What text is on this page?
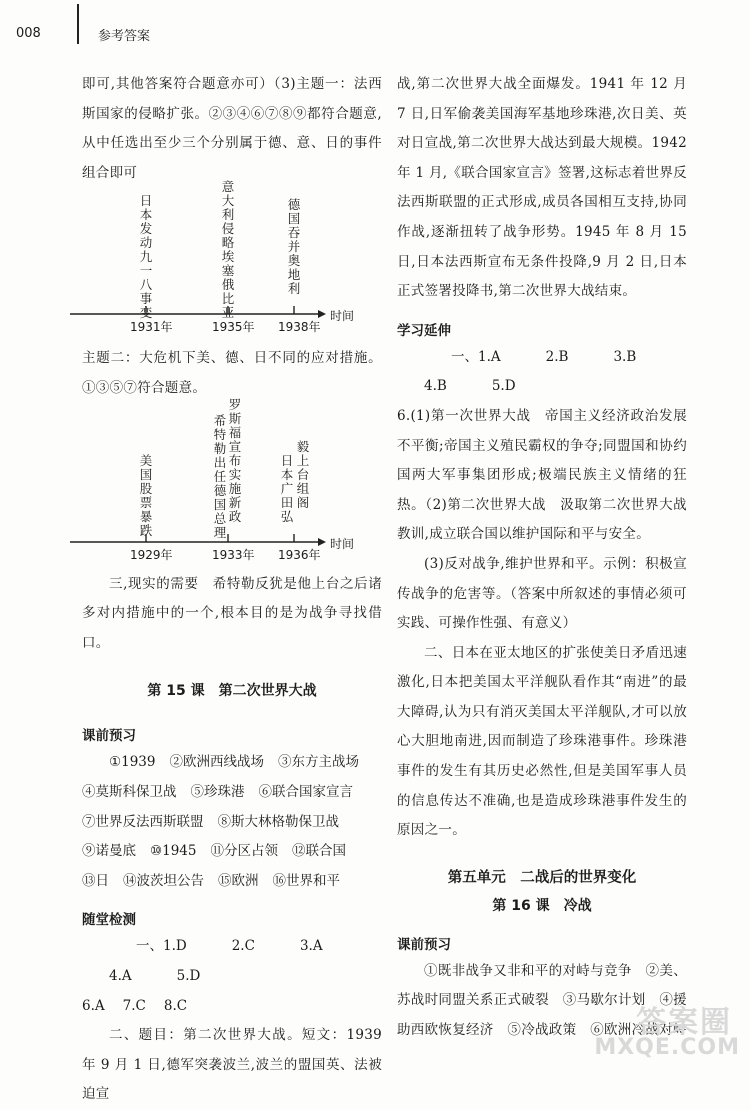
008	参考答案

即可,其他答案符合题意亦可）（3)主题一：法西斯国家的侵略扩张。②③④⑥⑦⑧⑨都符合题意,从中任选出至少三个分别属于德、意、日的事件组合即可

日本发动九一八事变
意大利侵略埃塞俄比亚
德国吞并奥地利
1931年	1935年 1938年
时间

主题二：大危机下美、德、日不同的应对措施。①③⑤⑦符合题意。

美国股票暴跌
希特勒出任德国总理
罗斯福宣布实施新政
日本广田弘
毅上台组阁
1929年	1933年 1936年
时间

三,现实的需要　希特勒反犹是他上台之后诸多对内措施中的一个,根本目的是为战争寻找借口。

第 15 课　第二次世界大战
课前预习
①1939 ②欧洲西线战场 ③东方主战场
④莫斯科保卫战 ⑤珍珠港 ⑥联合国家宣言
⑦世界反法西斯联盟 ⑧斯大林格勒保卫战
⑨诺曼底 ⑩1945 ⑪分区占领 ⑫联合国
⑬日 ⑭波茨坦公告 ⑮欧洲 ⑯世界和平
随堂检测
一、1.D	2.C	3.A4.A	5.D
6.A 7.C 8.C

二、题目：第二次世界大战。短文：1939 年 9 月 1 日,德军突袭波兰,波兰的盟国英、法被迫宣

战,第二次世界大战全面爆发。1941 年 12 月 7 日,日军偷袭美国海军基地珍珠港,次日美、英对日宣战,第二次世界大战达到最大规模。1942 年 1 月,《联合国家宣言》签署,这标志着世界反法西斯联盟的正式形成,成员各国相互支持,协同作战,逐渐扭转了战争形势。1945 年 8 月 15 日,日本法西斯宣布无条件投降,9 月 2 日,日本正式签署投降书,第二次世界大战结束。

学习延伸
一、1.A	2.B	3.B4.B	5.D

6.(1)第一次世界大战　帝国主义经济政治发展不平衡;帝国主义殖民霸权的争夺;同盟国和协约国两大军事集团形成;极端民族主义情绪的狂热。（2)第二次世界大战　汲取第二次世界大战教训,成立联合国以维护国际和平与安全。

(3)反对战争,维护世界和平。示例：积极宣传战争的危害等。（答案中所叙述的事情必须可实践、可操作性强、有意义）

二、日本在亚太地区的扩张使美日矛盾迅速激化,日本把美国太平洋舰队看作其“南进”的最大障碍,认为只有消灭美国太平洋舰队,才可以放心大胆地南进,因而制造了珍珠港事件。珍珠港事件的发生有其历史必然性,但是美国军事人员的信息传达不准确,也是造成珍珠港事件发生的原因之一。

第五单元　二战后的世界变化
第 16 课　冷战
课前预习

①既非战争又非和平的对峙与竞争　②美、苏战时同盟关系正式破裂　③马歇尔计划　④援助西欧恢复经济　⑤冷战政策　⑥欧洲冷战对峙

答案圈
MXQE.COM
